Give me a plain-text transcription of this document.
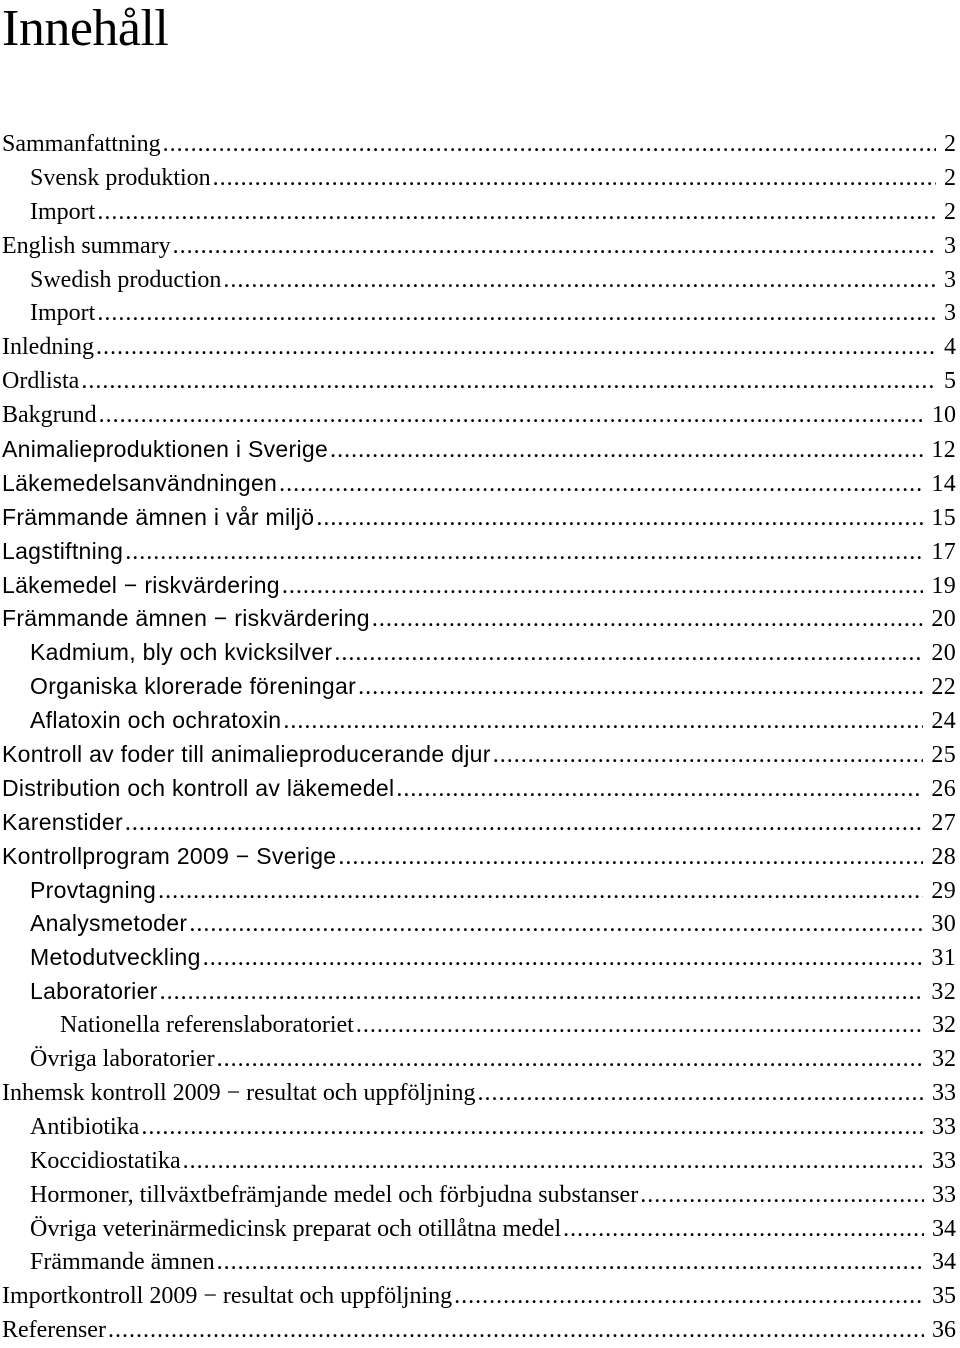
Innehåll
Sammanfattning .....	2
Svensk produktion .....	2
Import .....	2
English summary .....	3
Swedish production .....	3
Import .....	3
Inledning .....	4
Ordlista .....	5
Bakgrund .....	10
Animalieproduktionen i Sverige .....	12
Läkemedelsanvändningen .....	14
Främmande ämnen i vår miljö .....	15
Lagstiftning .....	17
Läkemedel − riskvärdering .....	19
Främmande ämnen − riskvärdering .....	20
Kadmium, bly och kvicksilver .....	20
Organiska klorerade föreningar .....	22
Aflatoxin och ochratoxin .....	24
Kontroll av foder till animalieproducerande djur .....	25
Distribution och kontroll av läkemedel .....	26
Karenstider .....	27
Kontrollprogram 2009 − Sverige .....	28
Provtagning .....	29
Analysmetoder .....	30
Metodutveckling .....	31
Laboratorier .....	32
Nationella referenslaboratoriet .....	32
Övriga laboratorier .....	32
Inhemsk kontroll 2009 − resultat och uppföljning .....	33
Antibiotika .....	33
Koccidiostatika .....	33
Hormoner, tillväxtbefrämjande medel och förbjudna substanser .....	33
Övriga veterinärmedicinsk preparat och otillåtna medel .....	34
Främmande ämnen .....	34
Importkontroll 2009 − resultat och uppföljning .....	35
Referenser .....	36
